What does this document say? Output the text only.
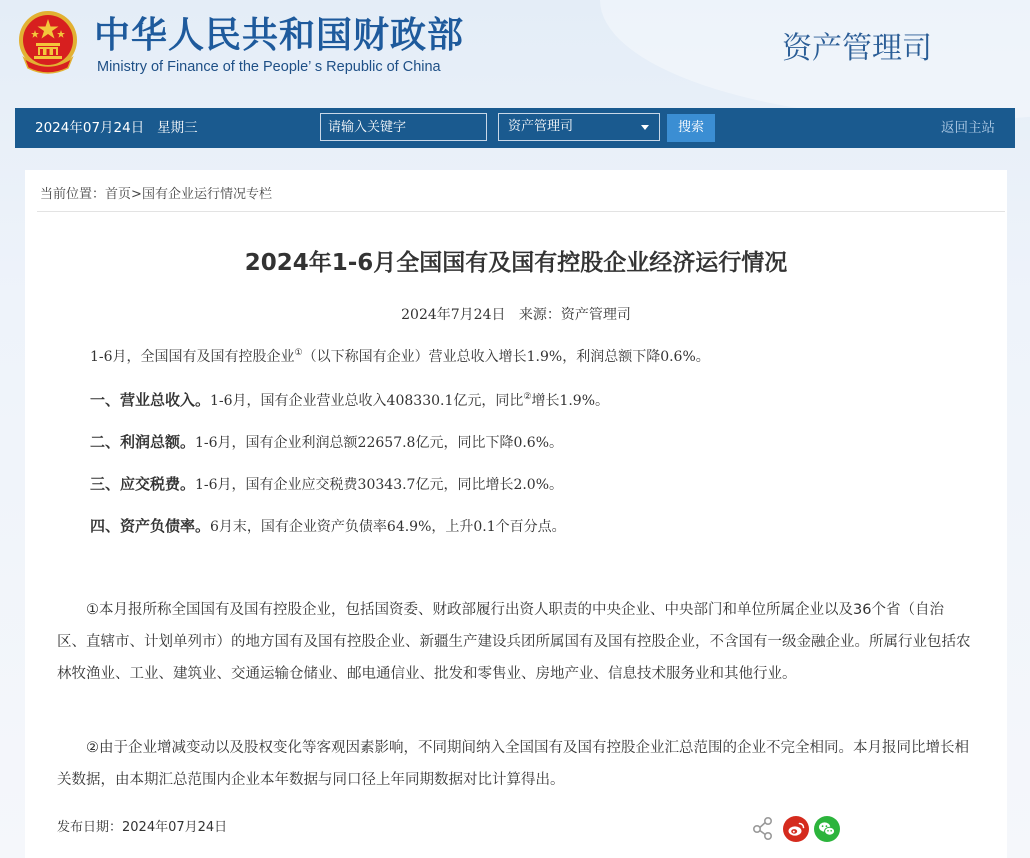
中华人民共和国财政部
Ministry of Finance of the People’ s Republic of China
资产管理司
2024年07月24日   星期三
请输入关键字	资产管理司	搜索	返回主站
当前位置：首页>国有企业运行情况专栏
2024年1-6月全国国有及国有控股企业经济运行情况
2024年7月24日   来源：资产管理司
1-6月，全国国有及国有控股企业①（以下称国有企业）营业总收入增长1.9%，利润总额下降0.6%。
一、营业总收入。1-6月，国有企业营业总收入408330.1亿元，同比②增长1.9%。
二、利润总额。1-6月，国有企业利润总额22657.8亿元，同比下降0.6%。
三、应交税费。1-6月，国有企业应交税费30343.7亿元，同比增长2.0%。
四、资产负债率。6月末，国有企业资产负债率64.9%，上升0.1个百分点。

①本月报所称全国国有及国有控股企业，包括国资委、财政部履行出资人职责的中央企业、中央部门和单位所属企业以及36个省（自治区、直辖市、计划单列市）的地方国有及国有控股企业、新疆生产建设兵团所属国有及国有控股企业，不含国有一级金融企业。所属行业包括农林牧渔业、工业、建筑业、交通运输仓储业、邮电通信业、批发和零售业、房地产业、信息技术服务业和其他行业。

②由于企业增减变动以及股权变化等客观因素影响，不同期间纳入全国国有及国有控股企业汇总范围的企业不完全相同。本月报同比增长相关数据，由本期汇总范围内企业本年数据与同口径上年同期数据对比计算得出。

发布日期：2024年07月24日
